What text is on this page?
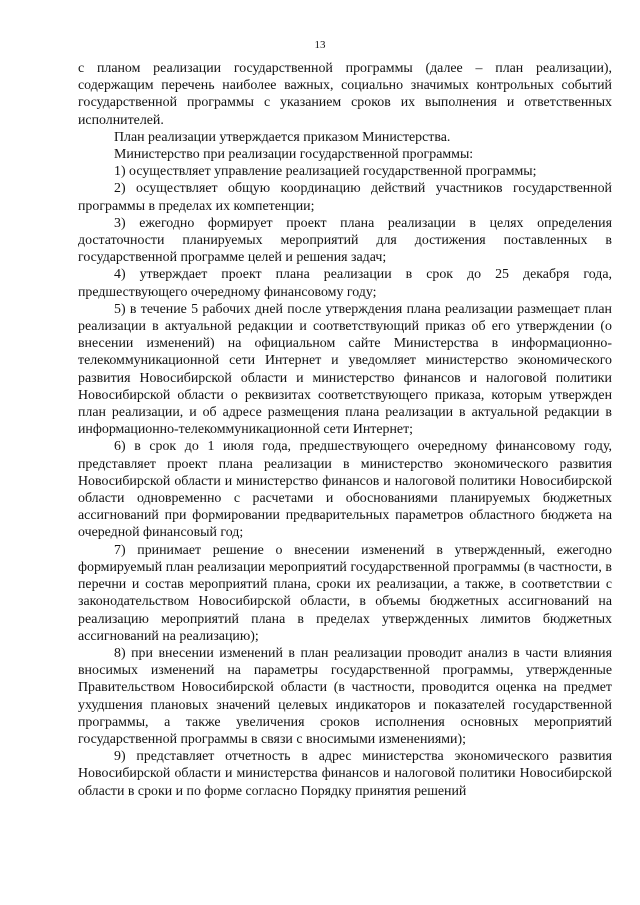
13

с планом реализации государственной программы (далее – план реализации), содержащим перечень наиболее важных, социально значимых контрольных событий государственной программы с указанием сроков их выполнения и ответственных исполнителей.

План реализации утверждается приказом Министерства.

Министерство при реализации государственной программы:

1) осуществляет управление реализацией государственной программы;

2) осуществляет общую координацию действий участников государственной программы в пределах их компетенции;

3) ежегодно формирует проект плана реализации в целях определения достаточности планируемых мероприятий для достижения поставленных в государственной программе целей и решения задач;

4) утверждает проект плана реализации в срок до 25 декабря года, предшествующего очередному финансовому году;

5) в течение 5 рабочих дней после утверждения плана реализации размещает план реализации в актуальной редакции и соответствующий приказ об его утверждении (о внесении изменений) на официальном сайте Министерства в информационно-телекоммуникационной сети Интернет и уведомляет министерство экономического развития Новосибирской области и министерство финансов и налоговой политики Новосибирской области о реквизитах соответствующего приказа, которым утвержден план реализации, и об адресе размещения плана реализации в актуальной редакции в информационно-телекоммуникационной сети Интернет;

6) в срок до 1 июля года, предшествующего очередному финансовому году, представляет проект плана реализации в министерство экономического развития Новосибирской области и министерство финансов и налоговой политики Новосибирской области одновременно с расчетами и обоснованиями планируемых бюджетных ассигнований при формировании предварительных параметров областного бюджета на очередной финансовый год;

7) принимает решение о внесении изменений в утвержденный, ежегодно формируемый план реализации мероприятий государственной программы (в частности, в перечни и состав мероприятий плана, сроки их реализации, а также, в соответствии с законодательством Новосибирской области, в объемы бюджетных ассигнований на реализацию мероприятий плана в пределах утвержденных лимитов бюджетных ассигнований на реализацию);

8) при внесении изменений в план реализации проводит анализ в части влияния вносимых изменений на параметры государственной программы, утвержденные Правительством Новосибирской области (в частности, проводится оценка на предмет ухудшения плановых значений целевых индикаторов и показателей государственной программы, а также увеличения сроков исполнения основных мероприятий государственной программы в связи с вносимыми изменениями);

9) представляет отчетность в адрес министерства экономического развития Новосибирской области и министерства финансов и налоговой политики Новосибирской области в сроки и по форме согласно Порядку принятия решений
